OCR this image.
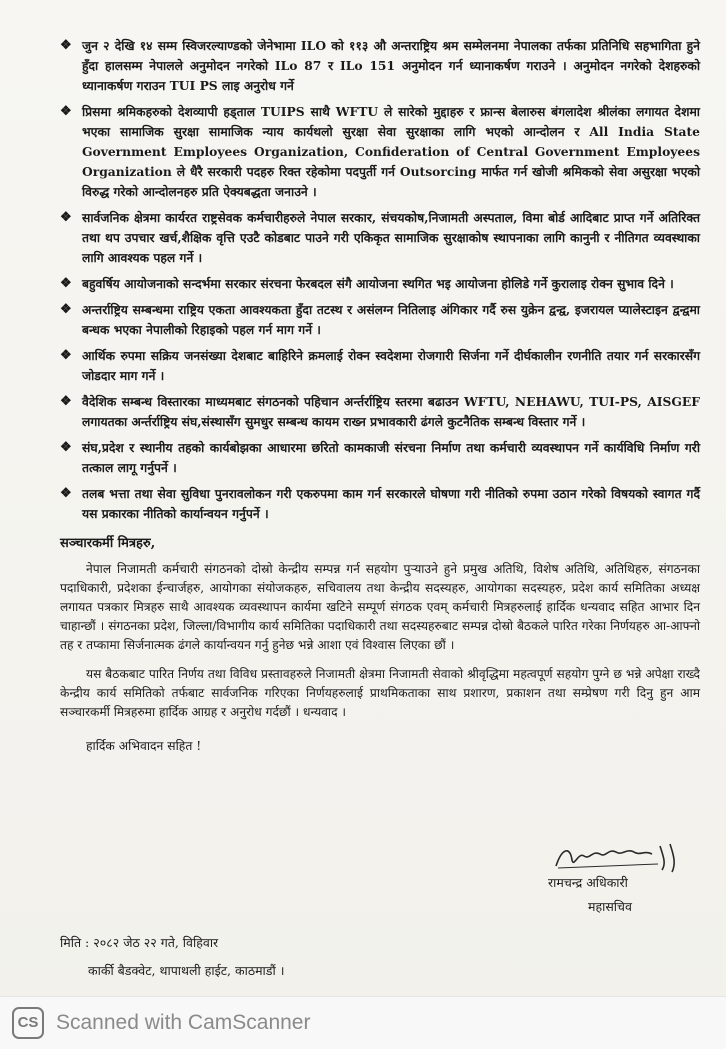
❖ जुन २ देखि १४ सम्म स्विजरल्याण्डको जेनेभामा ILO को ११३ औ अन्तराष्ट्रिय श्रम सम्मेलनमा नेपालका तर्फका प्रतिनिधि सहभागिता हुने हुँदा हालसम्म नेपालले अनुमोदन नगरेको ILo 87 र ILo 151 अनुमोदन गर्न ध्यानाकर्षण गराउने । अनुमोदन नगरेको देशहरुको ध्यानाकर्षण गराउन TUI PS लाइ अनुरोध गर्ने
❖ प्रिसमा श्रमिकहरुको देशव्यापी हड्ताल TUIPS साथै WFTU ले सारेको मुद्दाहरु र फ्रान्स बेलारुस बंगलादेश श्रीलंका लगायत देशमा भएका सामाजिक सुरक्षा सामाजिक न्याय कार्यथलो सुरक्षा सेवा सुरक्षाका लागि भएको आन्दोलन र All India State Government Employees Organization, Confideration of Central Government Employees Organization ले धैरै सरकारी पदहरु रिक्त रहेकोमा पदपुर्ती गर्न Outsorcing मार्फत गर्न खोजी श्रमिकको सेवा असुरक्षा भएको विरुद्ध गरेको आन्दोलनहरु प्रति ऐक्यबद्धता जनाउने ।
❖ सार्वजनिक क्षेत्रमा कार्यरत राष्ट्रसेवक कर्मचारीहरुले नेपाल सरकार, संचयकोष,निजामती अस्पताल, विमा बोर्ड आदिबाट प्राप्त गर्ने अतिरिक्त तथा थप उपचार खर्च,शैक्षिक वृत्ति एउटै कोडबाट पाउने गरी एकिकृत सामाजिक सुरक्षाकोष स्थापनाका लागि कानुनी र नीतिगत व्यवस्थाका लागि आवश्यक पहल गर्ने ।
❖ बहुवर्षिय आयोजनाको सन्दर्भमा सरकार संरचना फेरबदल संगै आयोजना स्थगित भइ आयोजना होलिडे गर्ने कुरालाइ रोक्न सुभाव दिने ।
❖ अन्तर्राष्ट्रिय सम्बन्धमा राष्ट्रिय एकता आवश्यकता हुँदा तटस्थ र असंलग्न नितिलाइ अंगिकार गर्दै रुस युक्रेन द्वन्द्व, इजरायल प्यालेस्टाइन द्वन्द्वमा बन्धक भएका नेपालीको रिहाइको पहल गर्न माग गर्ने ।
❖ आर्थिक रुपमा सक्रिय जनसंख्या देशबाट बाहिरिने क्रमलाई रोक्न स्वदेशमा रोजगारी सिर्जना गर्ने दीर्घकालीन रणनीति तयार गर्न सरकारसँग जोडदार माग गर्ने ।
❖ वैदेशिक सम्बन्ध विस्तारका माध्यमबाट संगठनको पहिचान अर्न्तर्राष्ट्रिय स्तरमा बढाउन WFTU, NEHAWU, TUI-PS, AISGEF लगायतका अर्न्तर्राष्ट्रिय संघ,संस्थासँग सुमधुर सम्बन्ध कायम राख्न प्रभावकारी ढंगले कुटनैतिक सम्बन्ध विस्तार गर्ने ।
❖ संघ,प्रदेश र स्थानीय तहको कार्यबोझका आधारमा छरितो कामकाजी संरचना निर्माण तथा कर्मचारी व्यवस्थापन गर्ने कार्यविधि निर्माण गरी तत्काल लागू गर्नुपर्ने ।
❖ तलब भत्ता तथा सेवा सुविधा पुनरावलोकन गरी एकरुपमा काम गर्न सरकारले घोषणा गरी नीतिको रुपमा उठान गरेको विषयको स्वागत गर्दै यस प्रकारका नीतिको कार्यान्वयन गर्नुपर्ने ।
सञ्चारकर्मी मित्रहरु,

नेपाल निजामती कर्मचारी संगठनको दोस्रो केन्द्रीय सम्पन्न गर्न सहयोग पुऱ्याउने हुने प्रमुख अतिथि, विशेष अतिथि, अतिथिहरु, संगठनका पदाधिकारी, प्रदेशका ईन्चार्जहरु, आयोगका संयोजकहरु, सचिवालय तथा केन्द्रीय सदस्यहरु, आयोगका सदस्यहरु, प्रदेश कार्य समितिका अध्यक्ष लगायत पत्रकार मित्रहरु साथै आवश्यक व्यवस्थापन कार्यमा खटिने सम्पूर्ण संगठक एवम् कर्मचारी मित्रहरुलाई हार्दिक धन्यवाद सहित आभार दिन चाहान्छौं । संगठनका प्रदेश, जिल्ला/विभागीय कार्य समितिका पदाधिकारी तथा सदस्यहरुबाट सम्पन्न दोस्रो बैठकले पारित गरेका निर्णयहरु आ-आफ्नो तह र तप्कामा सिर्जनात्मक ढंगले कार्यान्वयन गर्नु हुनेछ भन्ने आशा एवं विश्वास लिएका छौं ।

यस बैठकबाट पारित निर्णय तथा विविध प्रस्तावहरुले निजामती क्षेत्रमा निजामती सेवाको श्रीवृद्धिमा महत्वपूर्ण सहयोग पुग्ने छ भन्ने अपेक्षा राख्दै केन्द्रीय कार्य समितिको तर्फबाट सार्वजनिक गरिएका निर्णयहरुलाई प्राथमिकताका साथ प्रशारण, प्रकाशन तथा सम्प्रेषण गरी दिनु हुन आम सञ्चारकर्मी मित्रहरुमा हार्दिक आग्रह र अनुरोध गर्दछौं । धन्यवाद ।

हार्दिक अभिवादन सहित !
रामचन्द्र अधिकारी
महासचिव
मिति : २०८२ जेठ २२ गते, विहिवार
कार्की बैडक्वेट, थापाथली हाईट, काठमाडौं ।
CS Scanned with CamScanner
